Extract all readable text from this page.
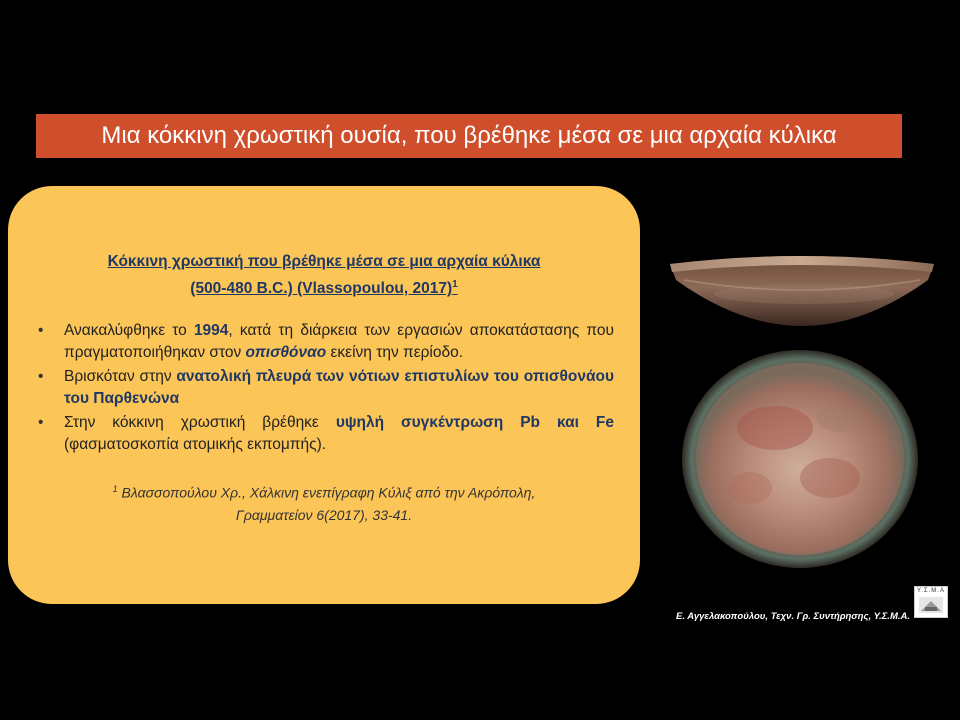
Μια κόκκινη χρωστική ουσία, που βρέθηκε μέσα σε μια αρχαία κύλικα
Κόκκινη χρωστική που βρέθηκε μέσα σε μια αρχαία κύλικα
(500-480 B.C.) (Vlassopoulou, 2017)$^1$
• Ανακαλύφθηκε το 1994, κατά τη διάρκεια των εργασιών αποκατάστασης που πραγματοποιήθηκαν στον οπισθόναο εκείνη την περίοδο.
• Βρισκόταν στην ανατολική πλευρά των νότιων επιστυλίων του οπισθονάου του Παρθενώνα
• Στην κόκκινη χρωστική βρέθηκε υψηλή συγκέντρωση Pb και Fe (φασματοσκοπία ατομικής εκπομπής).
$^1$ Βλασσοπούλου Χρ., Χάλκινη ενεπίγραφη Κύλιξ από την Ακρόπολη,
Γραμματείον 6(2017), 33-41.
Ε. Αγγελακοπούλου, Τεχν. Γρ. Συντήρησης, Υ.Σ.Μ.Α.
Υ.Σ.Μ.Α
